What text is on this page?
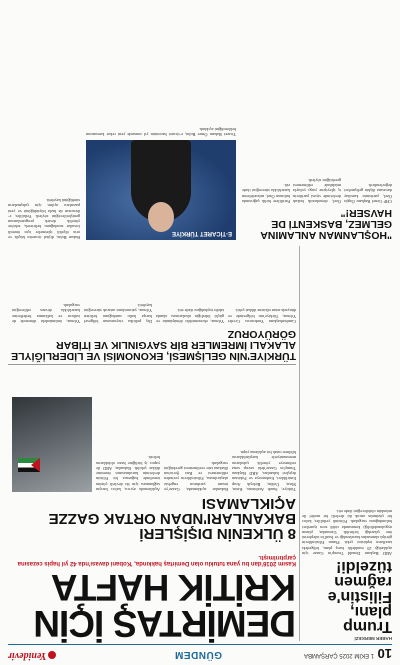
10
1 EKİM 2025 ÇARŞAMBA
GÜNDEM
Yenidevir
HABER MERKEZİ
Trump planı, Filistin'e rağmen tüzeldi!
ABD Başkanı Donald Trump'ın Gazze için açıkladığı 20 maddelik barış planı, bölgedeki tarafların tepkisini çekti. Planın Filistinlilerin görüşü alınmadan hazırlandığı ve İsrail'in taleplerini öne çıkardığı belirtildi. Uzmanlar, planın uygulanabilirliği konusunda ciddi soru işaretleri bulunduğunu vurguladı. Filistinli yetkililer, kalıcı bir çözümün ancak iki devletli bir model ile mümkün olabileceğini ifade etti.
DEMİRTAŞ İÇİN KRİTİK HAFTA
Kasım 2016'dan bu yana tutuklu olan Demirtaş hakkında, 'Kobani davası'nda 42 yıl hapis cezasına çarptırılmıştı.
8 ÜLKENİN DIŞİŞLERİ BAKANLARI'NDAN ORTAK GAZZE AÇIKLAMASI
Türkiye, Suudi Arabistan, Katar, Mısır, Ürdün, Birleşik Arap Emirlikleri, Endonezya ve Pakistan dışişleri bakanları, ABD Başkanı Trump'ın Gazze'deki savaşı sona erdirmeye yönelik çabalarını memnuniyetle karşıladıklarını bildiren ortak bir açıklama yaptı.
Bakanlar açıklamada, Gazze'ye insani yardımın engelsiz ulaştırılması, Filistinlilerin yerinden edilmemesi ve Batı Şeria'nın ilhakına izin verilmemesi gerektiğini vurguladı.
Açıklamada ayrıca, kalıcı barışın sağlanması için iki devletli çözüm temelinde bağımsız bir Filistin devletinin kurulmasının önemine dikkat çekildi. Bakanlar, ABD ile yapıcı iş birliğine hazır olduklarını belirtti.
TÜRKİYE'NİN GELİŞMESİ, EKONOMİSİ VE LİDERLİĞİYLE ALAKALI İMREMLER BİR SAYGINLIK VE İTİBAR GÖRÜYORUZ
Cumhurbaşkanı Yardımcısı Cevdet Yılmaz, Türkiye'nin bölgesinde ve dünyada artan etkisine dikkat çekti.
Yılmaz, ekonomideki dönüşümün ve güçlü liderliğin uluslararası alanda takdir topladığını ifade etti.
Dış politika vizyonunun bölgesel barışa katkı sunduğunu belirten Yılmaz, yatırımların artarak süreceğini kaydetti.
Yılmaz, önümüzdeki dönemde de istikrar ve kalkınma hedeflerine kararlılıkla devam edileceğini vurguladı.
"HOŞLANMAN ANLAMINA GELMEZ, BASKENTİ DE HAVSER!"
CHP Genel Başkanı Özgür Özel, partisinin kurultay davasına ilişkin gelişmeleri değerlendirdi.
Özel, demokratik hukuk devletinde siyasi partilerin iç işleyişine yargı yoluyla müdahale edilmemesi gerektiğini söyledi.
Partililere birlik çağrısında bulunan Özel, mücadelenin kararlılıkla süreceğini ifade etti.
E-TİCARET TÜRKİYE
Ticaret Bakanı Ömer Bolat, e-ticaret hacminin yıl sonunda yeni rekor kırmasının beklendiğini açıkladı.
Bakan Bolat, dijital ticaretin küçük ve orta ölçekli işletmeler için önemli fırsatlar sunduğunu belirterek, sektöre yönelik destek programlarının genişletileceğini söyledi. Yetkililer, e-ihracatın da hızla büyüdüğünü ve yeni pazarlara açılım için çalışmaların sürdüğünü kaydetti.
